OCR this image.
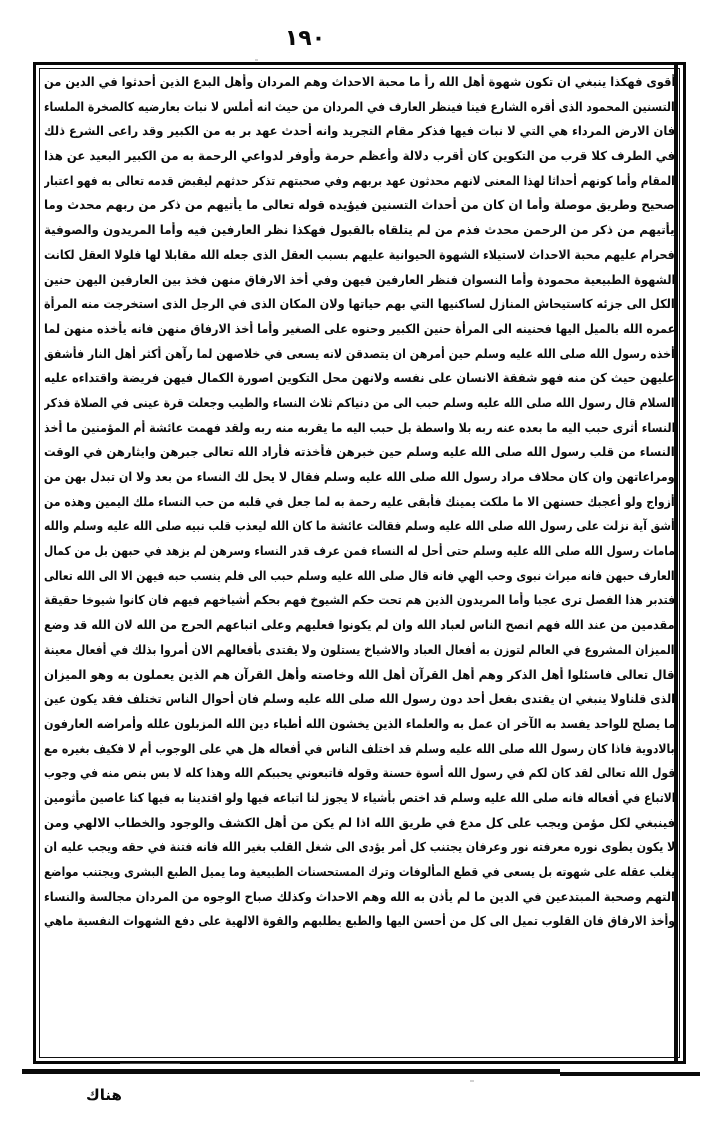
١٩٠
أقوى فهكذا ينبغي ان تكون شهوة أهل الله رأ ما محبة الاحداث وهم المردان وأهل البدع الذين أحدثوا في الدين من
التسنين المحمود الذى أقره الشارع فينا فينظر العارف في المردان من حيث انه أملس لا نبات بعارضيه كالصخرة الملساء
فان الارض المرداء هي التي لا نبات فيها فذكر مقام التجريد وانه أحدث عهد بر به من الكبير وقد راعى الشرع ذلك
في الطرف كلا قرب من التكوين كان أقرب دلالة وأعظم حرمة وأوفر لدواعي الرحمة به من الكبير البعيد عن هذا
المقام وأما كونهم أحداثا لهذا المعنى لانهم محدثون عهد بربهم وفي صحبتهم تذكر حدثهم ليقبض قدمه تعالى به فهو اعتبار
صحيح وطريق موصلة وأما ان كان من أحداث التسنين فيؤيده قوله تعالى ما يأتيهم من ذكر من ربهم محدث وما
يأتيهم من ذكر من الرحمن محدث فذم من لم يتلقاه بالقبول فهكذا نظر العارفين فيه وأما المريدون والصوفية
فحرام عليهم محبة الاحداث لاستيلاء الشهوة الحيوانية عليهم بسبب العقل الذى جعله الله مقابلا لها فلولا العقل لكانت
الشهوة الطبيعية محمودة وأما النسوان فنظر العارفين فيهن وفي أخذ الارفاق منهن فخذ بين العارفين اليهن حنين
الكل الى جزئه كاستيحاش المنازل لساكنيها التي بهم حياتها ولان المكان الذى في الرجل الذى استخرجت منه المرأة
عمره الله بالميل اليها فحنينه الى المرأة حنين الكبير وحنوه على الصغير وأما أخذ الارفاق منهن فانه يأخذه منهن لما
أخذه رسول الله صلى الله عليه وسلم حين أمرهن ان يتصدقن لانه يسعى في خلاصهن لما رآهن أكثر أهل النار فأشفق
عليهن حيث كن منه فهو شفقة الانسان على نفسه ولانهن محل التكوين اصورة الكمال فيهن فريضة واقتداءه عليه
السلام قال رسول الله صلى الله عليه وسلم حبب الى من دنياكم ثلاث النساء والطيب وجعلت قرة عينى في الصلاة فذكر
النساء أثرى حبب اليه ما بعده عنه ربه بلا واسطة بل حبب اليه ما يقربه منه ربه ولقد فهمت عائشة أم المؤمنين ما أخذ
النساء من قلب رسول الله صلى الله عليه وسلم حين خبرهن فأخذته فأراد الله تعالى جبرهن وايثارهن في الوقت
ومراعاتهن وان كان محلاف مراد رسول الله صلى الله عليه وسلم فقال لا يحل لك النساء من بعد ولا ان تبدل بهن من
أزواج ولو أعجبك حسنهن الا ما ملكت يمينك فأبقى عليه رحمة به لما جعل في قلبه من حب النساء ملك اليمين وهذه من
أشق آية نزلت على رسول الله صلى الله عليه وسلم فقالت عائشة ما كان الله ليعذب قلب نبيه صلى الله عليه وسلم والله
مامات رسول الله صلى الله عليه وسلم حتى أحل له النساء فمن عرف قدر النساء وسرهن لم يزهد في حبهن بل من كمال
العارف حبهن فانه ميراث نبوى وحب الهي فانه قال صلى الله عليه وسلم حبب الى فلم ينسب حبه فيهن الا الى الله تعالى
فتدبر هذا الفصل ترى عجبا وأما المريدون الذين هم تحت حكم الشيوخ فهم بحكم أشياخهم فيهم فان كانوا شيوخا حقيقة
مقدمين من عند الله فهم انصح الناس لعباد الله وان لم يكونوا فعليهم وعلى اتباعهم الحرج من الله لان الله قد وضع
الميزان المشروع في العالم لتوزن به أفعال العباد والاشياخ يستلون ولا يقتدى بأفعالهم الان أمروا بذلك في أفعال معينة
قال تعالى فاسئلوا أهل الذكر وهم أهل القرآن أهل الله وخاصته وأهل القرآن هم الذين يعملون به وهو الميزان
الذى قلناولا ينبغي ان يقتدى بفعل أحد دون رسول الله صلى الله عليه وسلم فان أحوال الناس تختلف فقد يكون عين
ما يصلح للواحد يفسد به الآخر ان عمل به والعلماء الذين يخشون الله أطباء دين الله المزبلون علله وأمراضه العارفون
بالادوية فاذا كان رسول الله صلى الله عليه وسلم قد اختلف الناس في أفعاله هل هي على الوجوب أم لا فكيف بغيره مع
قول الله تعالى لقد كان لكم في رسول الله أسوة حسنة وقوله فاتبعوني يحببكم الله وهذا كله لا بس بنص منه في وجوب
الاتباع في أفعاله فانه صلى الله عليه وسلم قد اختص بأشياء لا يجوز لنا اتباعه فيها ولو اقتدينا به فيها كنا عاصين مأثومين
فينبغي لكل مؤمن ويجب على كل مدع في طريق الله اذا لم يكن من أهل الكشف والوجود والخطاب الالهي ومن
لا يكون يطوى نوره معرفته نور وعرفان يجتنب كل أمر يؤدى الى شغل القلب بغير الله فانه فتنة في حقه ويجب عليه ان
يغلب عقله على شهوته بل يسعى في قطع المألوفات وترك المستحسنات الطبيعية وما يميل الطبع البشرى ويجتنب مواضع
التهم وصحبة المبتدعين في الدين ما لم يأذن به الله وهم الاحداث وكذلك صباح الوجوه من المردان مجالسة والنساء
وأخذ الارفاق فان القلوب تميل الى كل من أحسن اليها والطبع يطلبهم والقوة الالهية على دفع الشهوات النفسية ماهي
هناك
